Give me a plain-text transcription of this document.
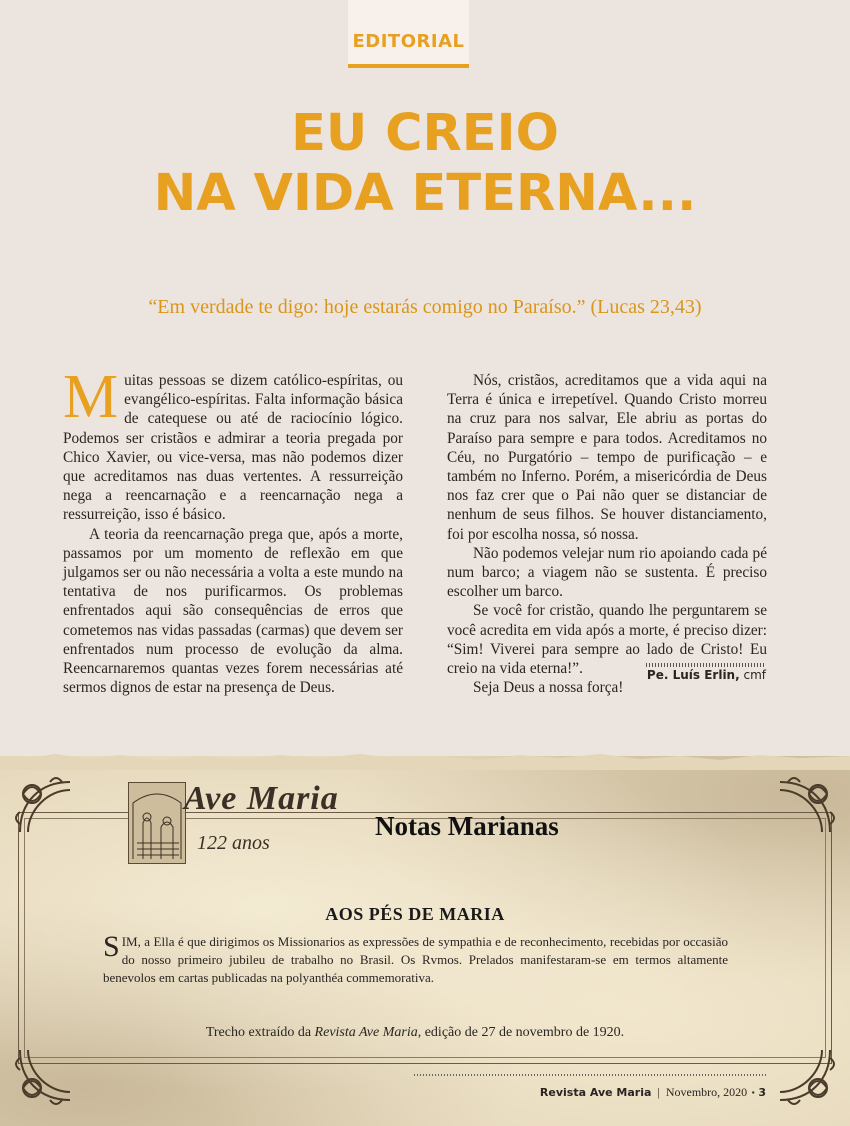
EDITORIAL
EU CREIO
NA VIDA ETERNA...
“Em verdade te digo: hoje estarás comigo no Paraíso.” (Lucas 23,43)

Muitas pessoas se dizem católico-espíritas, ou evangélico-espíritas. Falta informação básica de catequese ou até de raciocínio lógico. Podemos ser cristãos e admirar a teoria pregada por Chico Xavier, ou vice-versa, mas não podemos dizer que acreditamos nas duas vertentes. A ressurreição nega a reencarnação e a reencarnação nega a ressurreição, isso é básico.

A teoria da reencarnação prega que, após a morte, passamos por um momento de reflexão em que julgamos ser ou não necessária a volta a este mundo na tentativa de nos purificarmos. Os problemas enfrentados aqui são consequências de erros que cometemos nas vidas passadas (carmas) que devem ser enfrentados num processo de evolução da alma. Reencarnaremos quantas vezes forem necessárias até sermos dignos de estar na presença de Deus.

Nós, cristãos, acreditamos que a vida aqui na Terra é única e irrepetível. Quando Cristo morreu na cruz para nos salvar, Ele abriu as portas do Paraíso para sempre e para todos. Acreditamos no Céu, no Purgatório – tempo de purificação – e também no Inferno. Porém, a misericórdia de Deus nos faz crer que o Pai não quer se distanciar de nenhum de seus filhos. Se houver distanciamento, foi por escolha nossa, só nossa.

Não podemos velejar num rio apoiando cada pé num barco; a viagem não se sustenta. É preciso escolher um barco.

Se você for cristão, quando lhe perguntarem se você acredita em vida após a morte, é preciso dizer: “Sim! Viverei para sempre ao lado de Cristo! Eu creio na vida eterna!”.

Seja Deus a nossa força!

Pe. Luís Erlin, cmf
Ave Maria
122 anos
Notas Marianas
AOS PÉS DE MARIA
SIM, a Ella é que dirigimos os Missionarios as expressões de sympathia e de reconhecimento, recebidas por occasião do nosso primeiro jubileu de trabalho no Brasil. Os Rvmos. Prelados manifestaram-se em termos altamente benevolos em cartas publicadas na polyanthéa commemorativa.
Trecho extraído da Revista Ave Maria, edição de 27 de novembro de 1920.
Revista Ave Maria | Novembro, 2020 · 3
